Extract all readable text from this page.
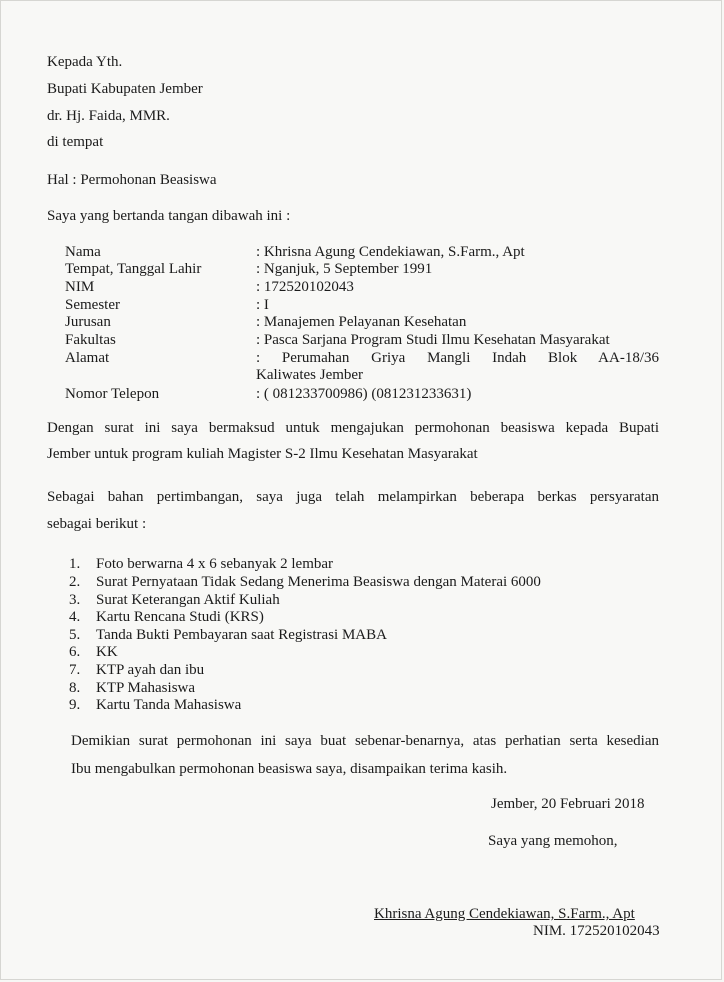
Kepada Yth.
Bupati Kabupaten Jember
dr. Hj. Faida, MMR.
di tempat
Hal : Permohonan Beasiswa
Saya yang bertanda tangan dibawah ini :
Nama	: Khrisna Agung Cendekiawan, S.Farm., Apt
Tempat, Tanggal Lahir	: Nganjuk, 5 September 1991
NIM	: 172520102043
Semester	: I
Jurusan	: Manajemen Pelayanan Kesehatan
Fakultas	: Pasca Sarjana Program Studi Ilmu Kesehatan Masyarakat
Alamat	: Perumahan Griya Mangli Indah Blok AA-18/36
Kaliwates Jember
Nomor Telepon	: ( 081233700986) (081231233631)
Dengan surat ini saya bermaksud untuk mengajukan permohonan beasiswa kepada Bupati
Jember untuk program kuliah Magister S-2 Ilmu Kesehatan Masyarakat
Sebagai bahan pertimbangan, saya juga telah melampirkan beberapa berkas persyaratan
sebagai berikut :
1. Foto berwarna 4 x 6 sebanyak 2 lembar
2. Surat Pernyataan Tidak Sedang Menerima Beasiswa dengan Materai 6000
3. Surat Keterangan Aktif Kuliah
4. Kartu Rencana Studi (KRS)
5. Tanda Bukti Pembayaran saat Registrasi MABA
6. KK
7. KTP ayah dan ibu
8. KTP Mahasiswa
9. Kartu Tanda Mahasiswa
Demikian surat permohonan ini saya buat sebenar-benarnya, atas perhatian serta kesedian
Ibu mengabulkan permohonan beasiswa saya, disampaikan terima kasih.
Jember, 20 Februari 2018
Saya yang memohon,
Khrisna Agung Cendekiawan, S.Farm., Apt
NIM. 172520102043
